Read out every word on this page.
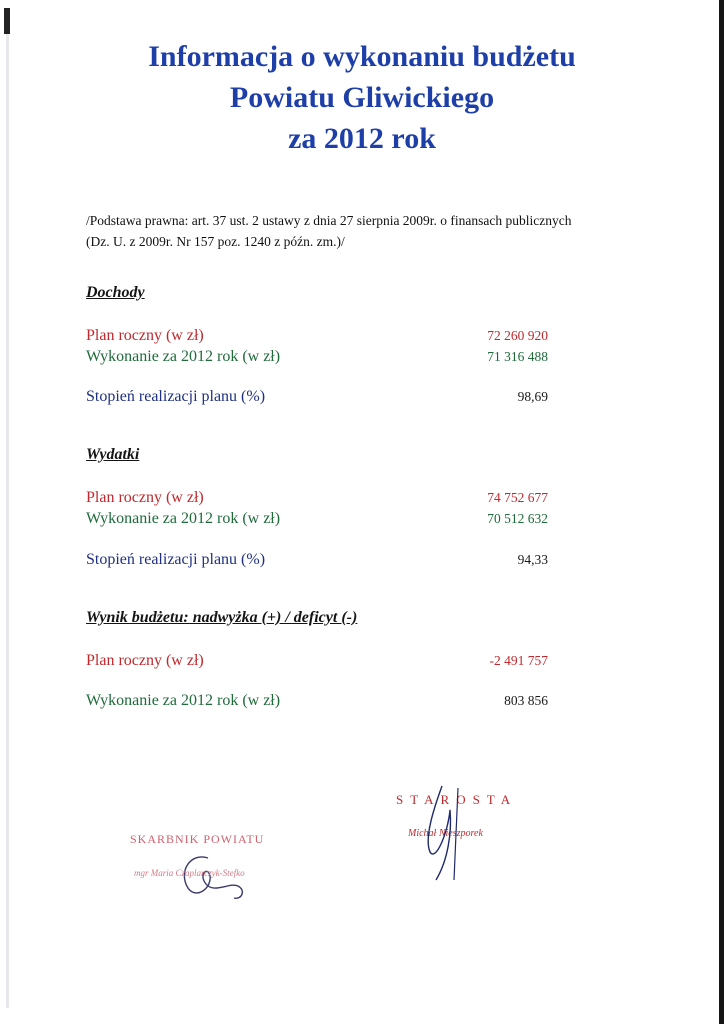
Informacja o wykonaniu budżetu
Powiatu Gliwickiego
za 2012 rok
/Podstawa prawna: art. 37 ust. 2 ustawy z dnia 27 sierpnia 2009r. o finansach publicznych
(Dz. U. z 2009r. Nr 157 poz. 1240 z późn. zm.)/
Dochody
Plan roczny (w zł)	72 260 920
Wykonanie za 2012 rok (w zł)	71 316 488
Stopień realizacji planu (%)	98,69
Wydatki
Plan roczny (w zł)	74 752 677
Wykonanie za 2012 rok (w zł)	70 512 632
Stopień realizacji planu (%)	94,33
Wynik budżetu: nadwyżka (+) / deficyt (-)
Plan roczny (w zł)	-2 491 757
Wykonanie za 2012 rok (w zł)	803 856
SKARBNIK POWIATU
mgr Maria Czaplarczyk-Stefko
STAROSTA
Michał Nieszporek
